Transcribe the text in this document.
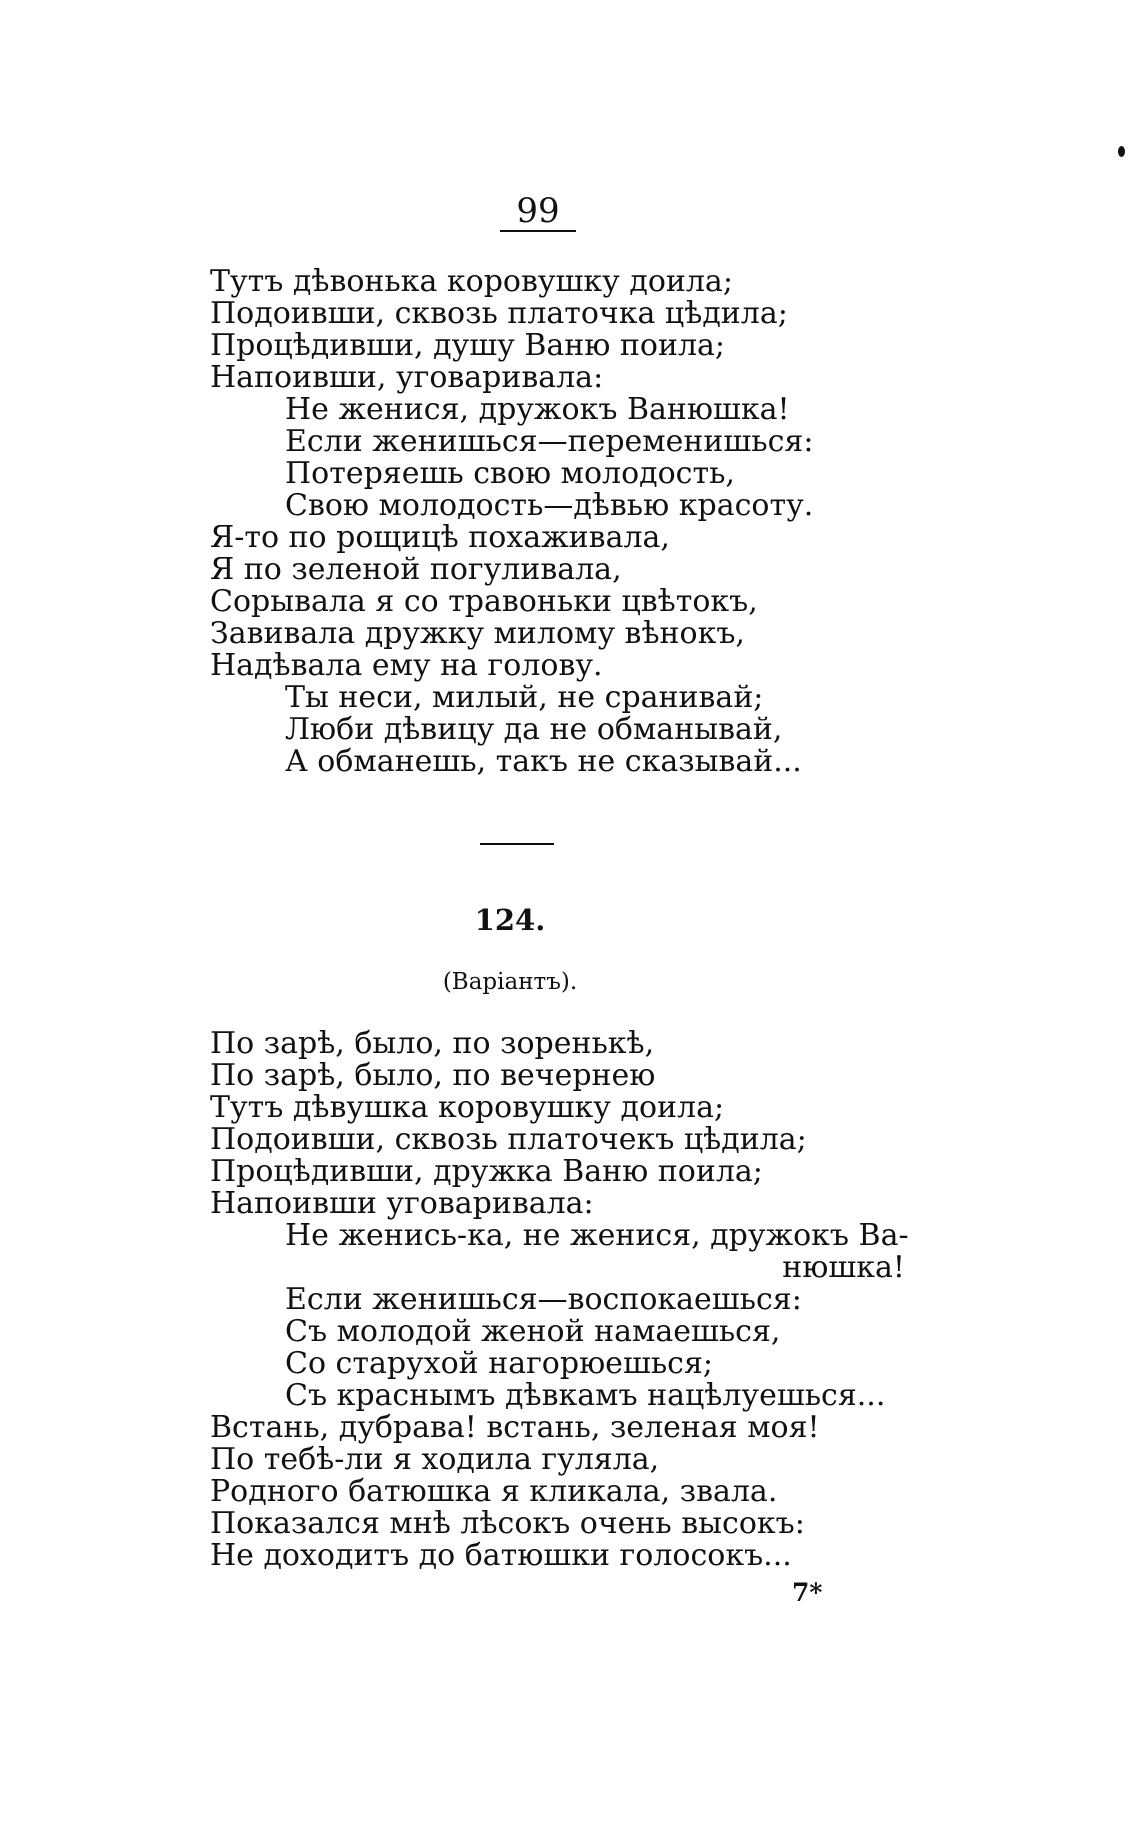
99
Тутъ дѣвонька коровушку доила;
Подоивши, сквозь платочка цѣдила;
Процѣдивши, душу Ваню поила;
Напоивши, уговаривала:
Не женися, дружокъ Ванюшка!
Если женишься—переменишься:
Потеряешь свою молодость,
Свою молодость—дѣвью красоту.
Я-то по рощицѣ похаживала,
Я по зеленой погуливала,
Сорывала я со травоньки цвѣтокъ,
Завивала дружку милому вѣнокъ,
Надѣвала ему на голову.
Ты неси, милый, не сранивай;
Люби дѣвицу да не обманывай,
А обманешь, такъ не сказывай...
124.
(Варіантъ).
По зарѣ, было, по зоренькѣ,
По зарѣ, было, по вечернею
Тутъ дѣвушка коровушку доила;
Подоивши, сквозь платочекъ цѣдила;
Процѣдивши, дружка Ваню поила;
Напоивши уговаривала:
Не женись-ка, не женися, дружокъ Ва-
нюшка!
Если женишься—воспокаешься:
Съ молодой женой намаешься,
Со старухой нагорюешься;
Съ краснымъ дѣвкамъ нацѣлуешься...
Встань, дубрава! встань, зеленая моя!
По тебѣ-ли я ходила гуляла,
Родного батюшка я кликала, звала.
Показался мнѣ лѣсокъ очень высокъ:
Не доходитъ до батюшки голосокъ...
7*
